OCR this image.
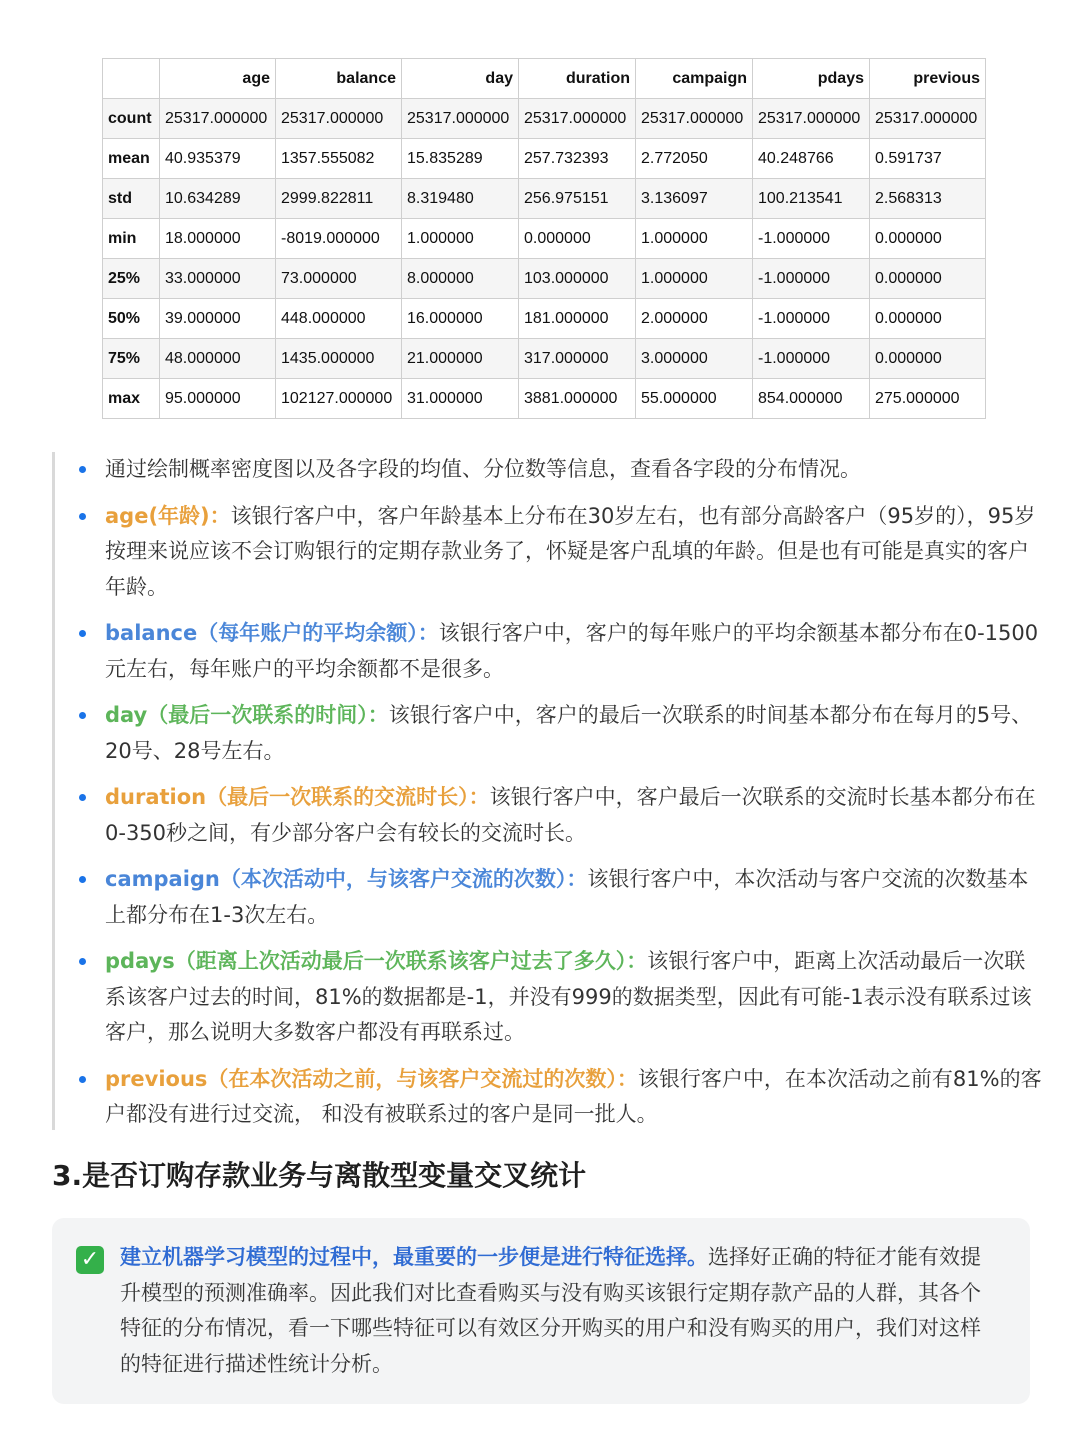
	age	balance	day	duration	campaign	pdays	previous
count	25317.000000	25317.000000	25317.000000	25317.000000	25317.000000	25317.000000	25317.000000
mean	40.935379	1357.555082	15.835289	257.732393	2.772050	40.248766	0.591737
std	10.634289	2999.822811	8.319480	256.975151	3.136097	100.213541	2.568313
min	18.000000	-8019.000000	1.000000	0.000000	1.000000	-1.000000	0.000000
25%	33.000000	73.000000	8.000000	103.000000	1.000000	-1.000000	0.000000
50%	39.000000	448.000000	16.000000	181.000000	2.000000	-1.000000	0.000000
75%	48.000000	1435.000000	21.000000	317.000000	3.000000	-1.000000	0.000000
max	95.000000	102127.000000	31.000000	3881.000000	55.000000	854.000000	275.000000
通过绘制概率密度图以及各字段的均值、分位数等信息，查看各字段的分布情况。
age(年龄)：该银行客户中，客户年龄基本上分布在30岁左右，也有部分高龄客户（95岁的），95岁按理来说应该不会订购银行的定期存款业务了，怀疑是客户乱填的年龄。但是也有可能是真实的客户年龄。
balance（每年账户的平均余额）：该银行客户中，客户的每年账户的平均余额基本都分布在0-1500元左右，每年账户的平均余额都不是很多。
day（最后一次联系的时间）：该银行客户中，客户的最后一次联系的时间基本都分布在每月的5号、20号、28号左右。
duration（最后一次联系的交流时长）：该银行客户中，客户最后一次联系的交流时长基本都分布在0-350秒之间，有少部分客户会有较长的交流时长。
campaign（本次活动中，与该客户交流的次数）：该银行客户中，本次活动与客户交流的次数基本上都分布在1-3次左右。
pdays（距离上次活动最后一次联系该客户过去了多久）：该银行客户中，距离上次活动最后一次联系该客户过去的时间，81%的数据都是-1，并没有999的数据类型，因此有可能-1表示没有联系过该客户，那么说明大多数客户都没有再联系过。
previous（在本次活动之前，与该客户交流过的次数）：该银行客户中，在本次活动之前有81%的客户都没有进行过交流， 和没有被联系过的客户是同一批人。
3.是否订购存款业务与离散型变量交叉统计
✓ 建立机器学习模型的过程中，最重要的一步便是进行特征选择。选择好正确的特征才能有效提升模型的预测准确率。因此我们对比查看购买与没有购买该银行定期存款产品的人群，其各个特征的分布情况，看一下哪些特征可以有效区分开购买的用户和没有购买的用户，我们对这样的特征进行描述性统计分析。
